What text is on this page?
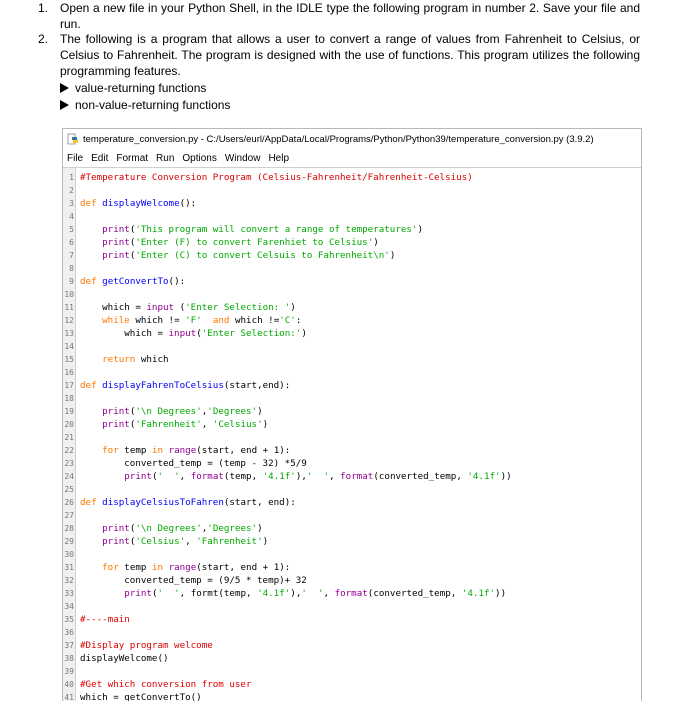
1. Open a new file in your Python Shell, in the IDLE type the following program in number 2. Save your file and run.
2. The following is a program that allows a user to convert a range of values from Fahrenheit to Celsius, or Celsius to Fahrenheit. The program is designed with the use of functions. This program utilizes the following programming features.
value-returning functions
non-value-returning functions
temperature_conversion.py - C:/Users/eurl/AppData/Local/Programs/Python/Python39/temperature_conversion.py (3.9.2)
File Edit Format Run Options Window Help
1 #Temperature Conversion Program (Celsius-Fahrenheit/Fahrenheit-Celsius)
2
3 def displayWelcome():
4
5	print('This program will convert a range of temperatures')
6	print('Enter (F) to convert Farenhiet to Celsius')
7	print('Enter (C) to convert Celsuis to Fahrenheit\n')
8
9 def getConvertTo():
10
11 which = input ('Enter Selection: ')
12	while which != 'F' and which !='C':
13 which = input('Enter Selection:')
14
15	return which
16
17 def displayFahrenToCelsius(start,end):
18
19	print('\n Degrees','Degrees')
20	print('Fahrenheit', 'Celsius')
21
22	for temp in range(start, end + 1):
23 converted_temp = (temp - 32) *5/9
24	print('  ', format(temp, '4.1f'),'  ', format(converted_temp, '4.1f'))
25
26 def displayCelsiusToFahren(start, end):
27
28	print('\n Degrees','Degrees')
29	print('Celsius', 'Fahrenheit')
30
31	for temp in range(start, end + 1):
32 converted_temp = (9/5 * temp)+ 32
33	print('  ', formt(temp, '4.1f'),'  ', format(converted_temp, '4.1f'))
34
35 #----main
36
37 #Display program welcome
38 displayWelcome()
39
40 #Get which conversion from user
41 which = getConvertTo()
